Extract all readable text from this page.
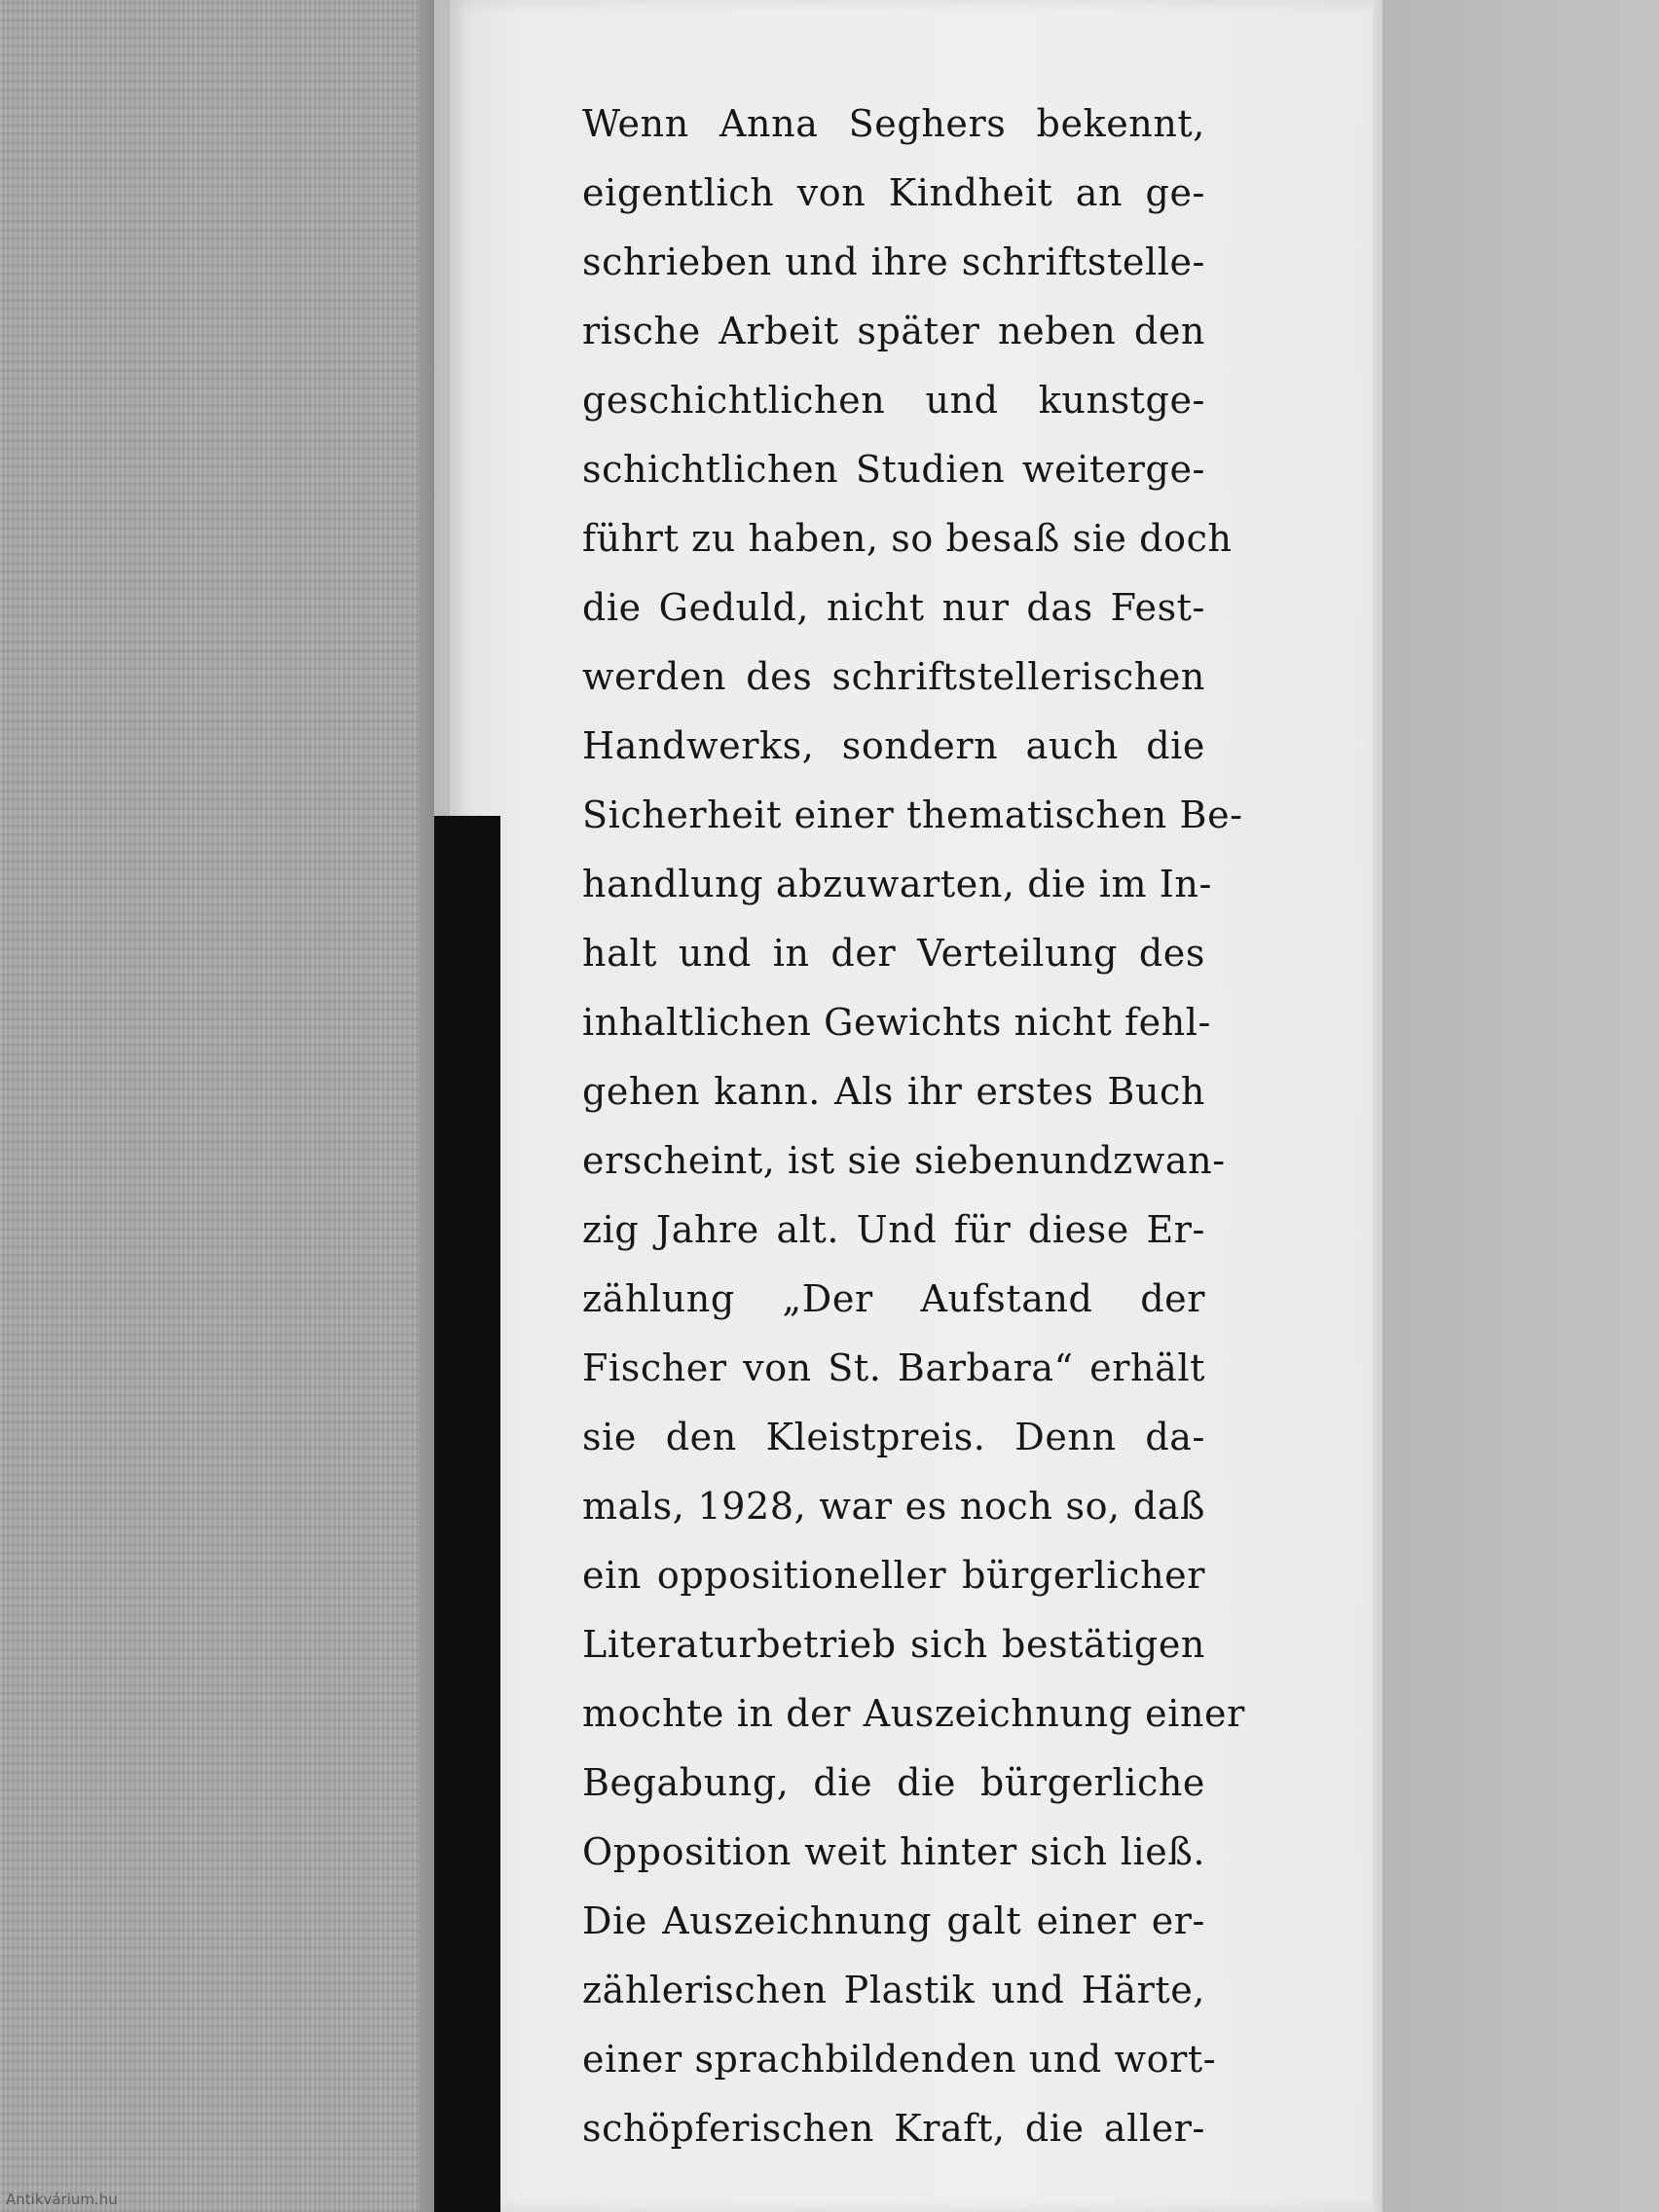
Wenn Anna Seghers bekennt,
eigentlich von Kindheit an ge-
schrieben und ihre schriftstelle-
rische Arbeit später neben den
geschichtlichen und kunstge-
schichtlichen Studien weiterge-
führt zu haben, so besaß sie doch
die Geduld, nicht nur das Fest-
werden des schriftstellerischen
Handwerks, sondern auch die
Sicherheit einer thematischen Be-
handlung abzuwarten, die im In-
halt und in der Verteilung des
inhaltlichen Gewichts nicht fehl-
gehen kann. Als ihr erstes Buch
erscheint, ist sie siebenundzwan-
zig Jahre alt. Und für diese Er-
zählung „Der Aufstand der
Fischer von St. Barbara“ erhält
sie den Kleistpreis. Denn da-
mals, 1928, war es noch so, daß
ein oppositioneller bürgerlicher
Literaturbetrieb sich bestätigen
mochte in der Auszeichnung einer
Begabung, die die bürgerliche
Opposition weit hinter sich ließ.
Die Auszeichnung galt einer er-
zählerischen Plastik und Härte,
einer sprachbildenden und wort-
schöpferischen Kraft, die aller-
Antikvárium.hu
